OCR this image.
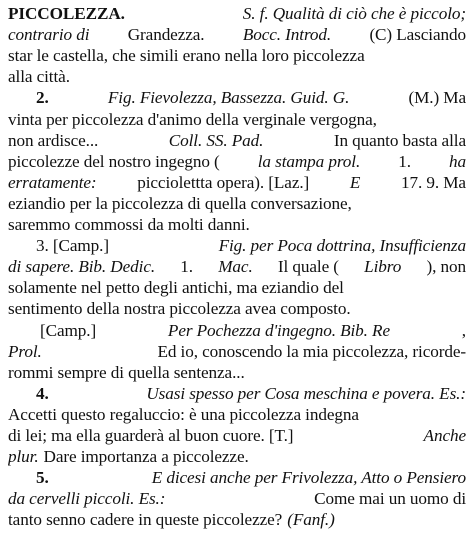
PICCOLEZZA.	S. f. Qualità di ciò che è piccolo;
contrario di Grandezza. Bocc. Introd. (C) Lasciando
star le castella, che simili erano nella loro piccolezza
alla città.
2.	Fig. Fievolezza, Bassezza. Guid. G.	(M.) Ma
vinta per piccolezza d'animo della verginale vergogna,
non ardisce...	Coll. SS. Pad.	In quanto basta alla
piccolezze del nostro ingegno ( la stampa prol. 1. ha
erratamente: picciolettta opera). [Laz.] E 17. 9. Ma
eziandio per la piccolezza di quella conversazione,
saremmo commossi da molti danni.
3. [Camp.]	Fig. per Poca dottrina, Insufficienza
di sapere. Bib. Dedic. 1. Mac. Il quale ( Libro ), non
solamente nel petto degli antichi, ma eziandio del
sentimento della nostra piccolezza avea composto.
[Camp.]	Per Pochezza d'ingegno. Bib. Re	,
Prol.	Ed io, conoscendo la mia piccolezza, ricorde-
rommi sempre di quella sentenza...
4.	Usasi spesso per Cosa meschina e povera. Es.:
Accetti questo regaluccio: è una piccolezza indegna
di lei; ma ella guarderà al buon cuore. [T.]	Anche
plur. Dare importanza a piccolezze.
5.	E dicesi anche per Frivolezza, Atto o Pensiero
da cervelli piccoli. Es.:	Come mai un uomo di
tanto senno cadere in queste piccolezze? (Fanf.)
